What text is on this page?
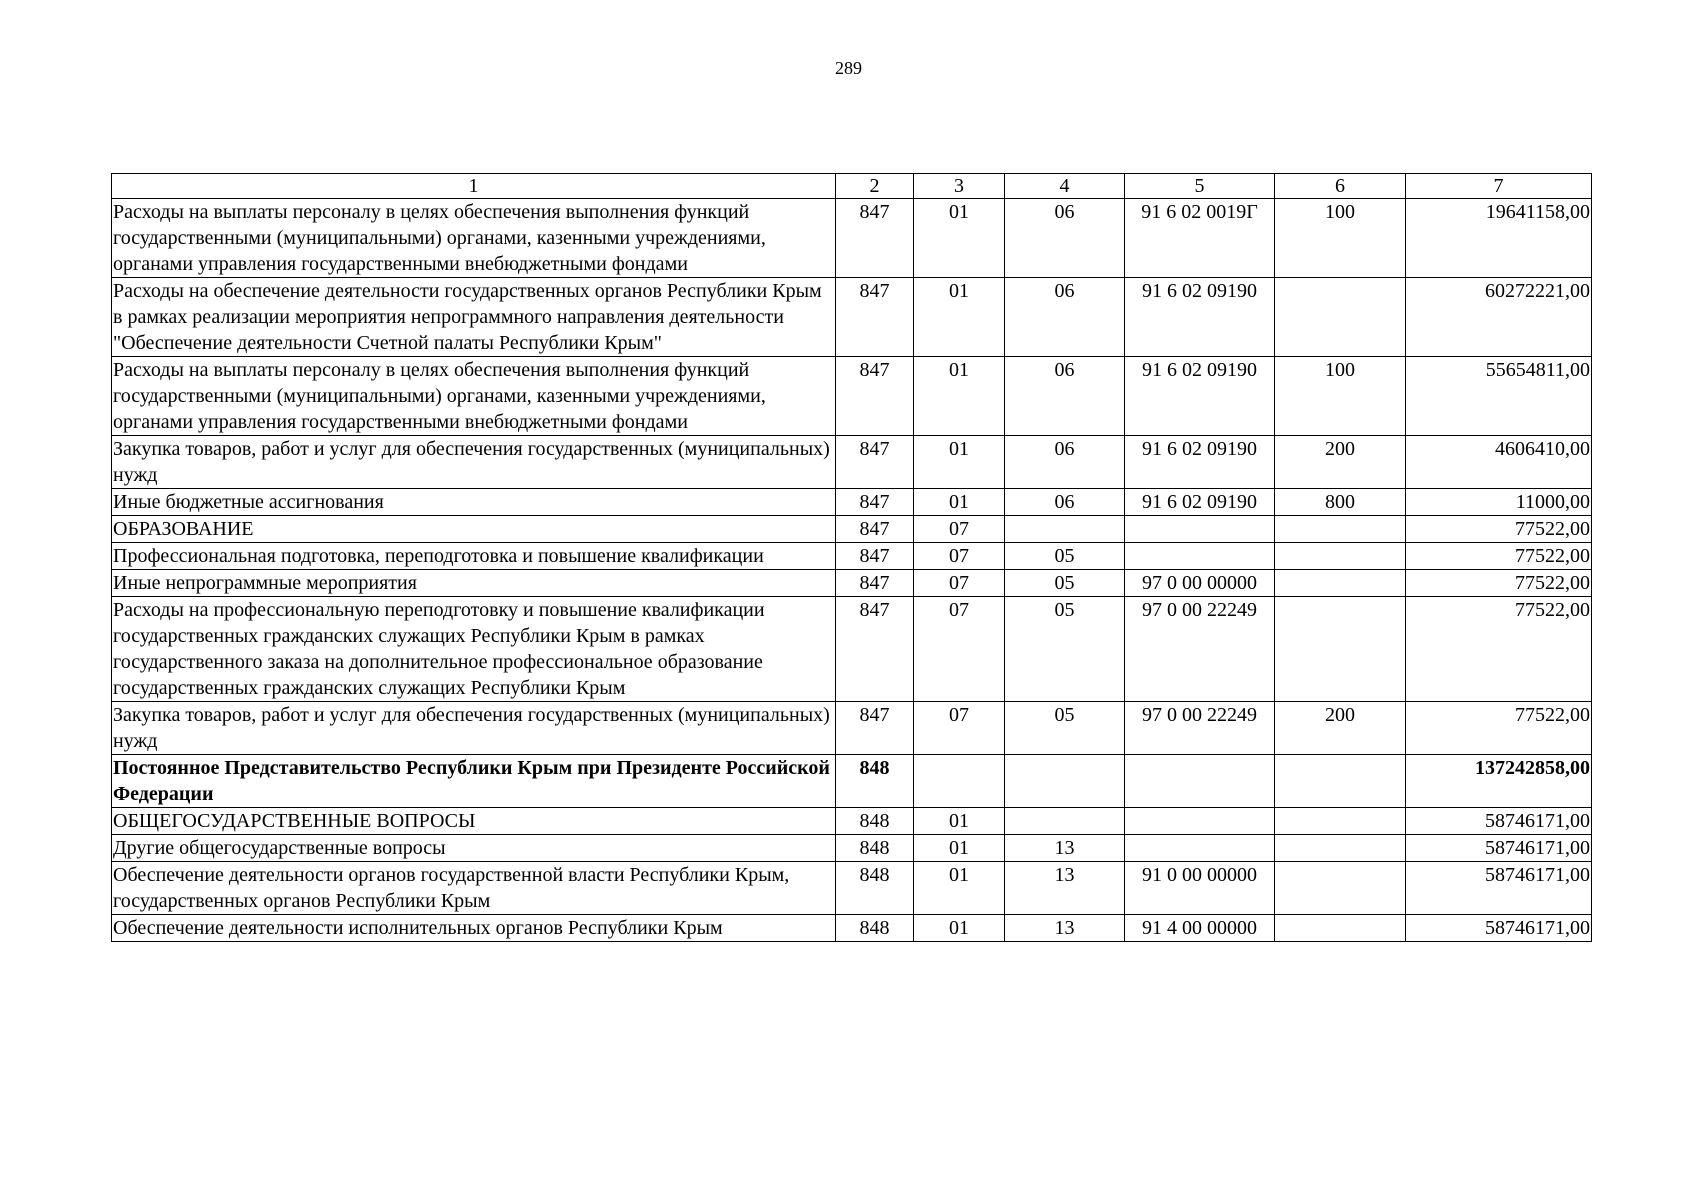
289
1	2	3	4	5	6	7
Расходы на выплаты персоналу в целях обеспечения выполнения функций государственными (муниципальными) органами, казенными учреждениями, органами управления государственными внебюджетными фондами	847	01	06	91 6 02 0019Г	100	19641158,00
Расходы на обеспечение деятельности государственных органов Республики Крым в рамках реализации мероприятия непрограммного направления деятельности "Обеспечение деятельности Счетной палаты Республики Крым"	847	01	06	91 6 02 09190		60272221,00
Расходы на выплаты персоналу в целях обеспечения выполнения функций государственными (муниципальными) органами, казенными учреждениями, органами управления государственными внебюджетными фондами	847	01	06	91 6 02 09190	100	55654811,00
Закупка товаров, работ и услуг для обеспечения государственных (муниципальных) нужд	847	01	06	91 6 02 09190	200	4606410,00
Иные бюджетные ассигнования	847	01	06	91 6 02 09190	800	11000,00
ОБРАЗОВАНИЕ	847	07				77522,00
Профессиональная подготовка, переподготовка и повышение квалификации	847	07	05			77522,00
Иные непрограммные мероприятия	847	07	05	97 0 00 00000		77522,00
Расходы на профессиональную переподготовку и повышение квалификации государственных гражданских служащих Республики Крым в рамках государственного заказа на дополнительное профессиональное образование государственных гражданских служащих Республики Крым	847	07	05	97 0 00 22249		77522,00
Закупка товаров, работ и услуг для обеспечения государственных (муниципальных) нужд	847	07	05	97 0 00 22249	200	77522,00
Постоянное Представительство Республики Крым при Президенте Российской Федерации	848					137242858,00
ОБЩЕГОСУДАРСТВЕННЫЕ ВОПРОСЫ	848	01				58746171,00
Другие общегосударственные вопросы	848	01	13			58746171,00
Обеспечение деятельности органов государственной власти Республики Крым, государственных органов Республики Крым	848	01	13	91 0 00 00000		58746171,00
Обеспечение деятельности исполнительных органов Республики Крым	848	01	13	91 4 00 00000		58746171,00
